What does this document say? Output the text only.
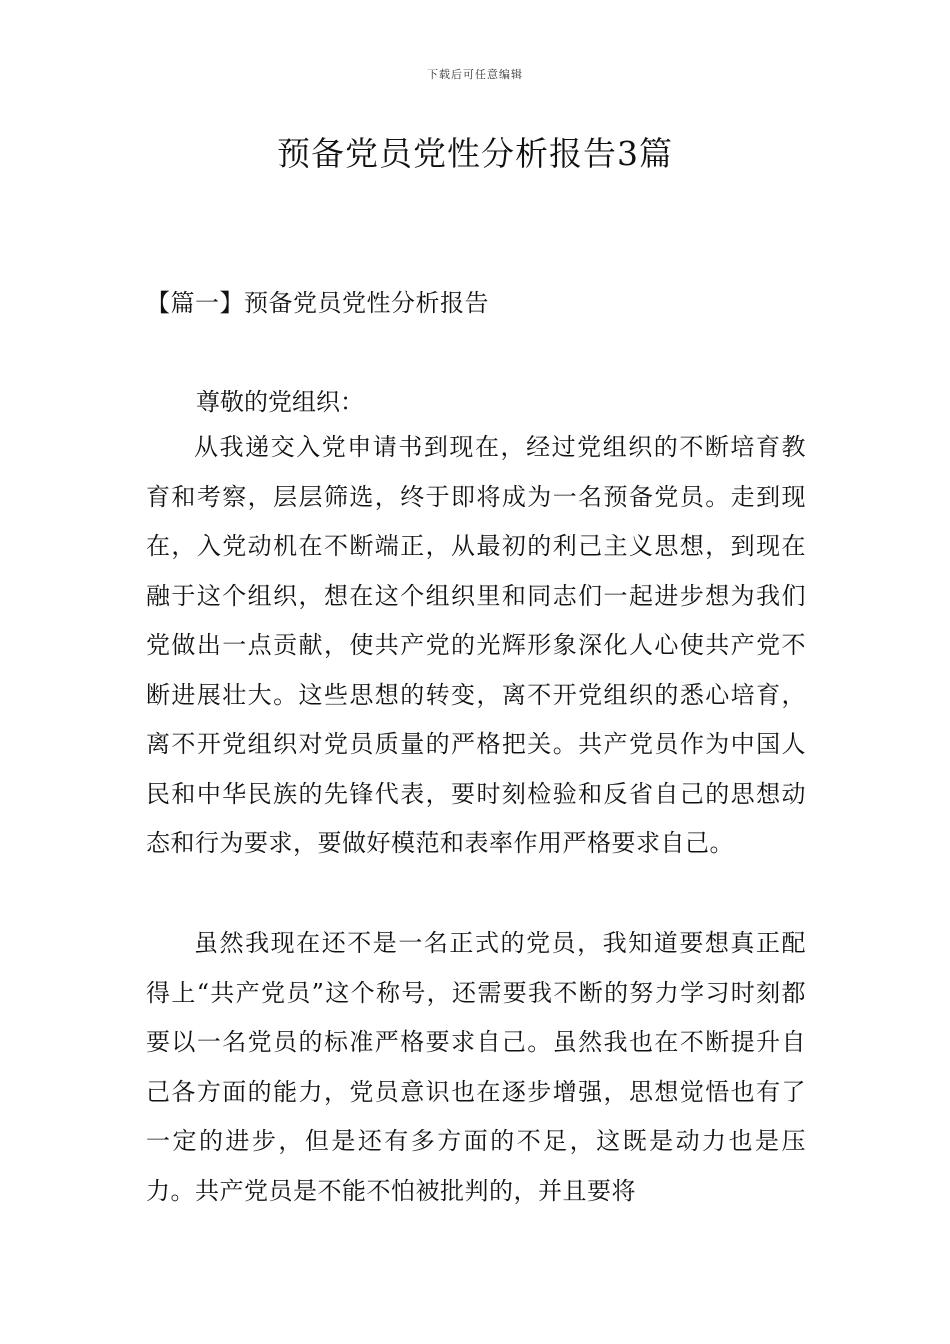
下载后可任意编辑
预备党员党性分析报告3篇
【篇一】预备党员党性分析报告

尊敬的党组织：

从我递交入党申请书到现在，经过党组织的不断培育教育和考察，层层筛选，终于即将成为一名预备党员。走到现在，入党动机在不断端正，从最初的利己主义思想，到现在融于这个组织，想在这个组织里和同志们一起进步想为我们党做出一点贡献，使共产党的光辉形象深化人心使共产党不断进展壮大。这些思想的转变，离不开党组织的悉心培育，离不开党组织对党员质量的严格把关。共产党员作为中国人民和中华民族的先锋代表，要时刻检验和反省自己的思想动态和行为要求，要做好模范和表率作用严格要求自己。

虽然我现在还不是一名正式的党员，我知道要想真正配得上“共产党员”这个称号，还需要我不断的努力学习时刻都要以一名党员的标准严格要求自己。虽然我也在不断提升自己各方面的能力，党员意识也在逐步增强，思想觉悟也有了一定的进步，但是还有多方面的不足，这既是动力也是压力。共产党员是不能不怕被批判的，并且要将
